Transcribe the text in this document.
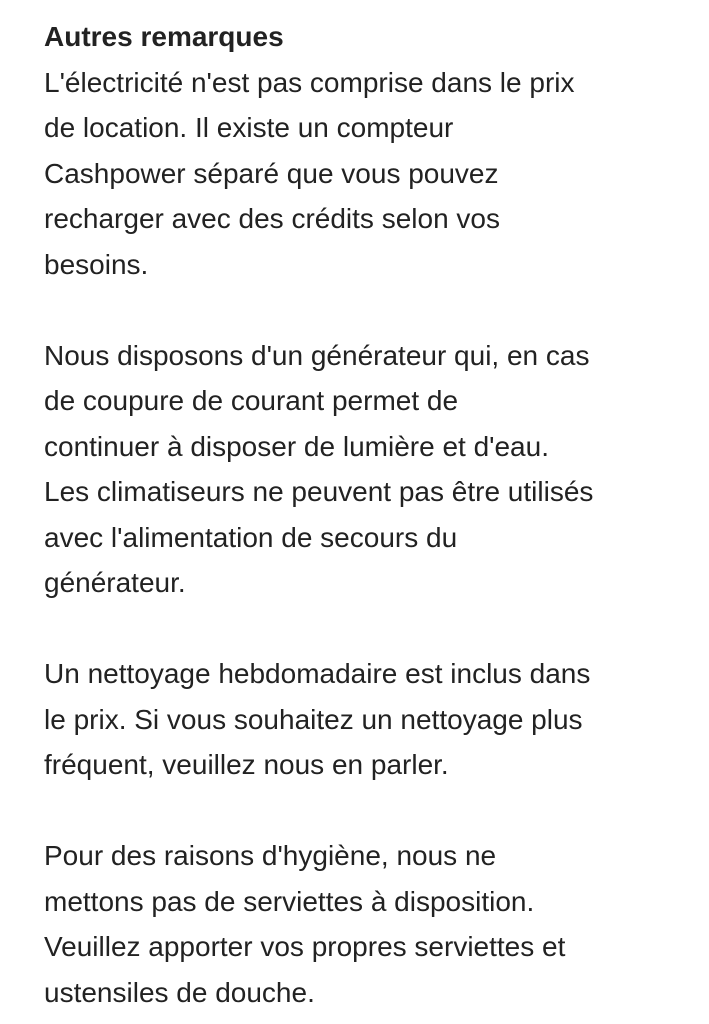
Autres remarques

L'électricité n'est pas comprise dans le prix
de location. Il existe un compteur
Cashpower séparé que vous pouvez
recharger avec des crédits selon vos
besoins.

Nous disposons d'un générateur qui, en cas
de coupure de courant permet de
continuer à disposer de lumière et d'eau.
Les climatiseurs ne peuvent pas être utilisés
avec l'alimentation de secours du
générateur.

Un nettoyage hebdomadaire est inclus dans
le prix. Si vous souhaitez un nettoyage plus
fréquent, veuillez nous en parler.

Pour des raisons d'hygiène, nous ne
mettons pas de serviettes à disposition.
Veuillez apporter vos propres serviettes et
ustensiles de douche.
